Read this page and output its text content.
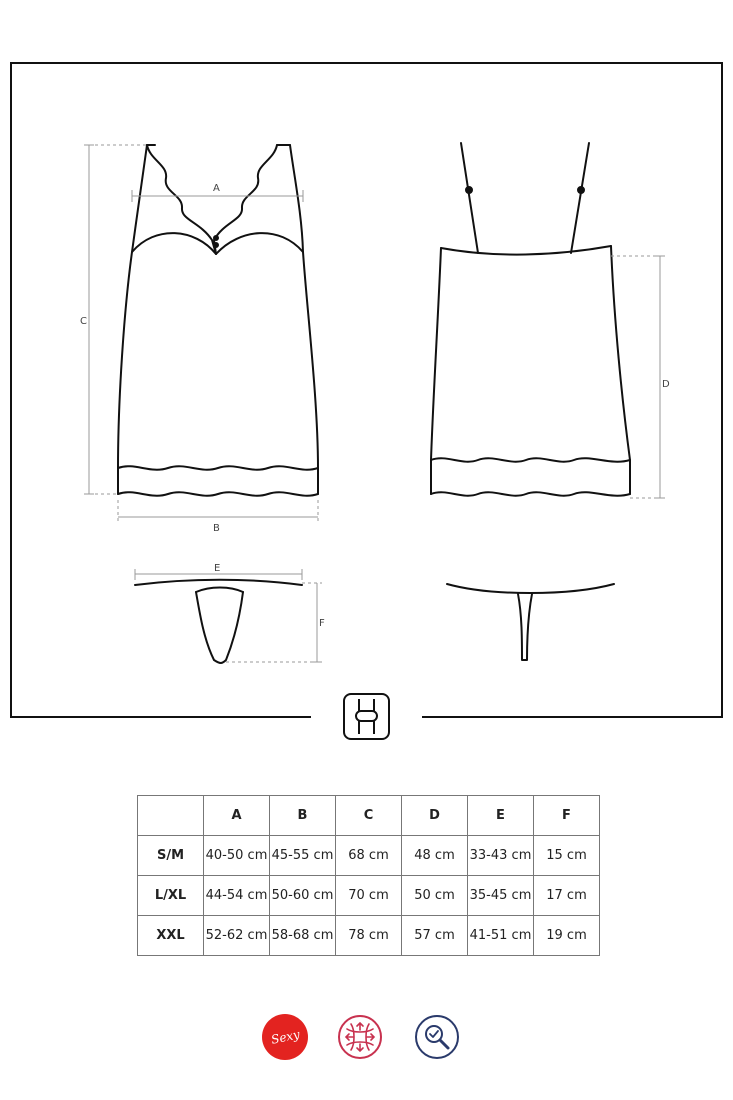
A
C
B
D
E
F
	A	B	C	D	E	F
S/M	40-50 cm	45-55 cm	68 cm	48 cm	33-43 cm	15 cm
L/XL	44-54 cm	50-60 cm	70 cm	50 cm	35-45 cm	17 cm
XXL	52-62 cm	58-68 cm	78 cm	57 cm	41-51 cm	19 cm
Sexy
